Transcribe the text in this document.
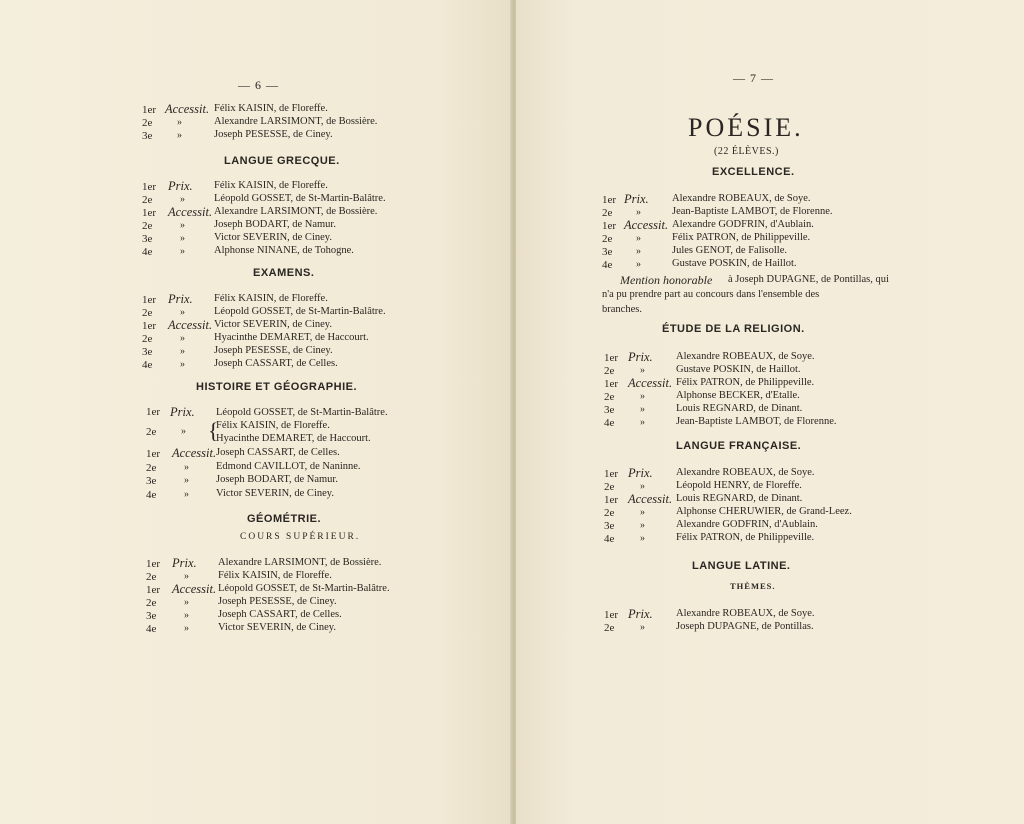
— 6 —
1er Accessit. Félix KAISIN, de Floreffe.
2e »	Alexandre LARSIMONT, de Bossière.
3e »	Joseph PESESSE, de Ciney.
LANGUE GRECQUE.
1er Prix. Félix KAISIN, de Floreffe.
2e	»	Léopold GOSSET, de St-Martin-Balâtre.
1er Accessit. Alexandre LARSIMONT, de Bossière.
2e	»	Joseph BODART, de Namur.
3e	»	Victor SEVERIN, de Ciney.
4e	»	Alphonse NINANE, de Tohogne.
EXAMENS.
1er Prix. Félix KAISIN, de Floreffe.
2e	»	Léopold GOSSET, de St-Martin-Balâtre.
1er Accessit. Victor SEVERIN, de Ciney.
2e	»	Hyacinthe DEMARET, de Haccourt.
3e	»	Joseph PESESSE, de Ciney.
4e	»	Joseph CASSART, de Celles.
HISTOIRE ET GÉOGRAPHIE.
1er Prix. Léopold GOSSET, de St-Martin-Balâtre.
2e » {
Félix KAISIN, de Floreffe.
Hyacinthe DEMARET, de Haccourt.
1er Accessit. Joseph CASSART, de Celles.
2e	»	Edmond CAVILLOT, de Naninne.
3e	»	Joseph BODART, de Namur.
4e	»	Victor SEVERIN, de Ciney.
GÉOMÉTRIE.
COURS SUPÉRIEUR.
1er Prix. Alexandre LARSIMONT, de Bossière.
2e	»	Félix KAISIN, de Floreffe.
1er Accessit. Léopold GOSSET, de St-Martin-Balâtre.
2e	»	Joseph PESESSE, de Ciney.
3e	»	Joseph CASSART, de Celles.
4e	»	Victor SEVERIN, de Ciney.
— 7 —
POÉSIE.
(22 ÉLÈVES.)
EXCELLENCE.
1er Prix. Alexandre ROBEAUX, de Soye.
2e »	Jean-Baptiste LAMBOT, de Florenne.
1er Accessit. Alexandre GODFRIN, d'Aublain.
2e »	Félix PATRON, de Philippeville.
3e »	Jules GENOT, de Falisolle.
4e »	Gustave POSKIN, de Haillot.
Mention honorable à Joseph DUPAGNE, de Pontillas, qui
n'a pu prendre part au concours dans l'ensemble des
branches.
ÉTUDE DE LA RELIGION.
1er Prix. Alexandre ROBEAUX, de Soye.
2e	»	Gustave POSKIN, de Haillot.
1er Accessit. Félix PATRON, de Philippeville.
2e	»	Alphonse BECKER, d'Etalle.
3e	»	Louis REGNARD, de Dinant.
4e	»	Jean-Baptiste LAMBOT, de Florenne.
LANGUE FRANÇAISE.
1er Prix. Alexandre ROBEAUX, de Soye.
2e	»	Léopold HENRY, de Floreffe.
1er Accessit. Louis REGNARD, de Dinant.
2e	»	Alphonse CHERUWIER, de Grand-Leez.
3e	»	Alexandre GODFRIN, d'Aublain.
4e	»	Félix PATRON, de Philippeville.
LANGUE LATINE.
THÈMES.
1er Prix. Alexandre ROBEAUX, de Soye.
2e	»	Joseph DUPAGNE, de Pontillas.
